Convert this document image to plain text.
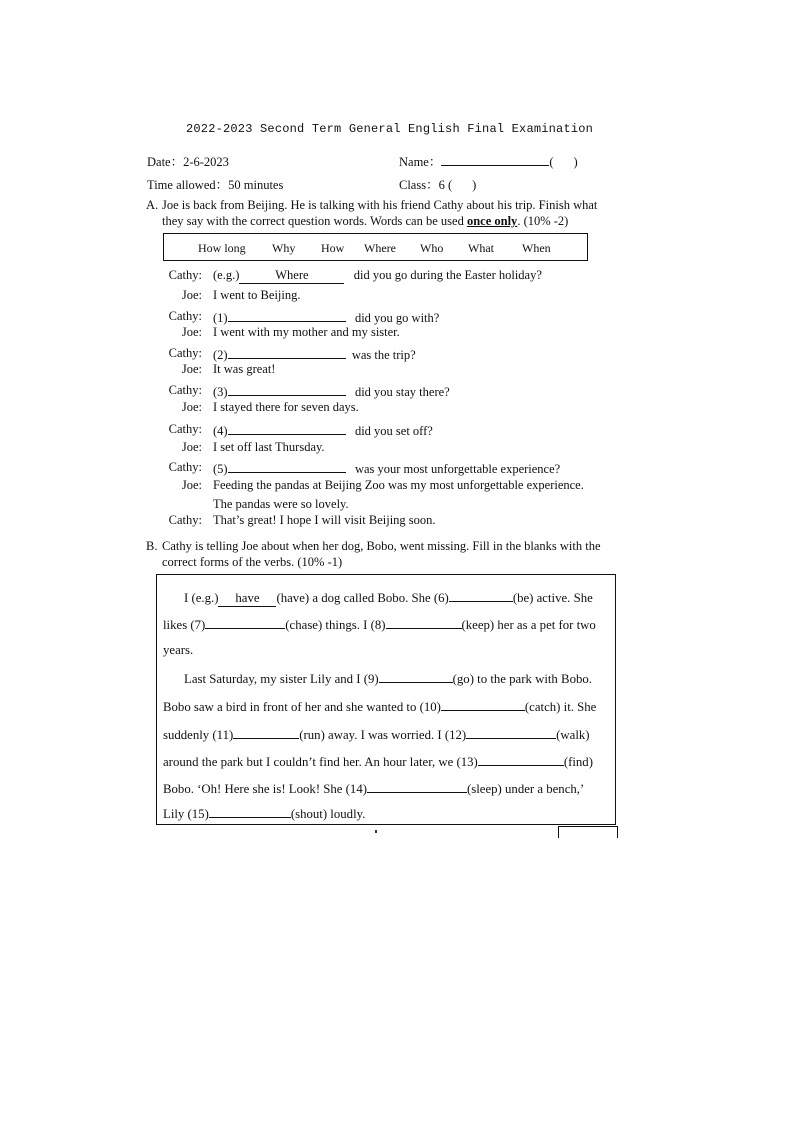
2022-2023 Second Term General English Final Examination
Date：2-6-2023	Name：	( )
Time allowed：50 minutes	Class：6 ( )
A. Joe is back from Beijing. He is talking with his friend Cathy about his trip. Finish what
they say with the correct question words. Words can be used once only. (10% -2)
How long Why How Where Who What When
Cathy: (e.g.)	Where	did you go during the Easter holiday?
Joe: I went to Beijing.
Cathy: (1)	did you go with?
Joe: I went with my mother and my sister.
Cathy: (2)	was the trip?
Joe: It was great!
Cathy: (3)	did you stay there?
Joe: I stayed there for seven days.
Cathy: (4)	did you set off?
Joe: I set off last Thursday.
Cathy: (5)	was your most unforgettable experience?
Joe: Feeding the pandas at Beijing Zoo was my most unforgettable experience.
The pandas were so lovely.
Cathy: That’s great! I hope I will visit Beijing soon.
B. Cathy is telling Joe about when her dog, Bobo, went missing. Fill in the blanks with the
correct forms of the verbs. (10% -1)
I (e.g.) have (have) a dog called Bobo. She (6)	(be) active. She
likes (7)	(chase) things. I (8)	(keep) her as a pet for two
years.
Last Saturday, my sister Lily and I (9)	(go) to the park with Bobo.
Bobo saw a bird in front of her and she wanted to (10)	(catch) it. She
suddenly (11)	(run) away. I was worried. I (12)	(walk)
around the park but I couldn’t find her. An hour later, we (13)	(find)
Bobo. ‘Oh! Here she is! Look! She (14)	(sleep) under a bench,’
Lily (15)	(shout) loudly.
